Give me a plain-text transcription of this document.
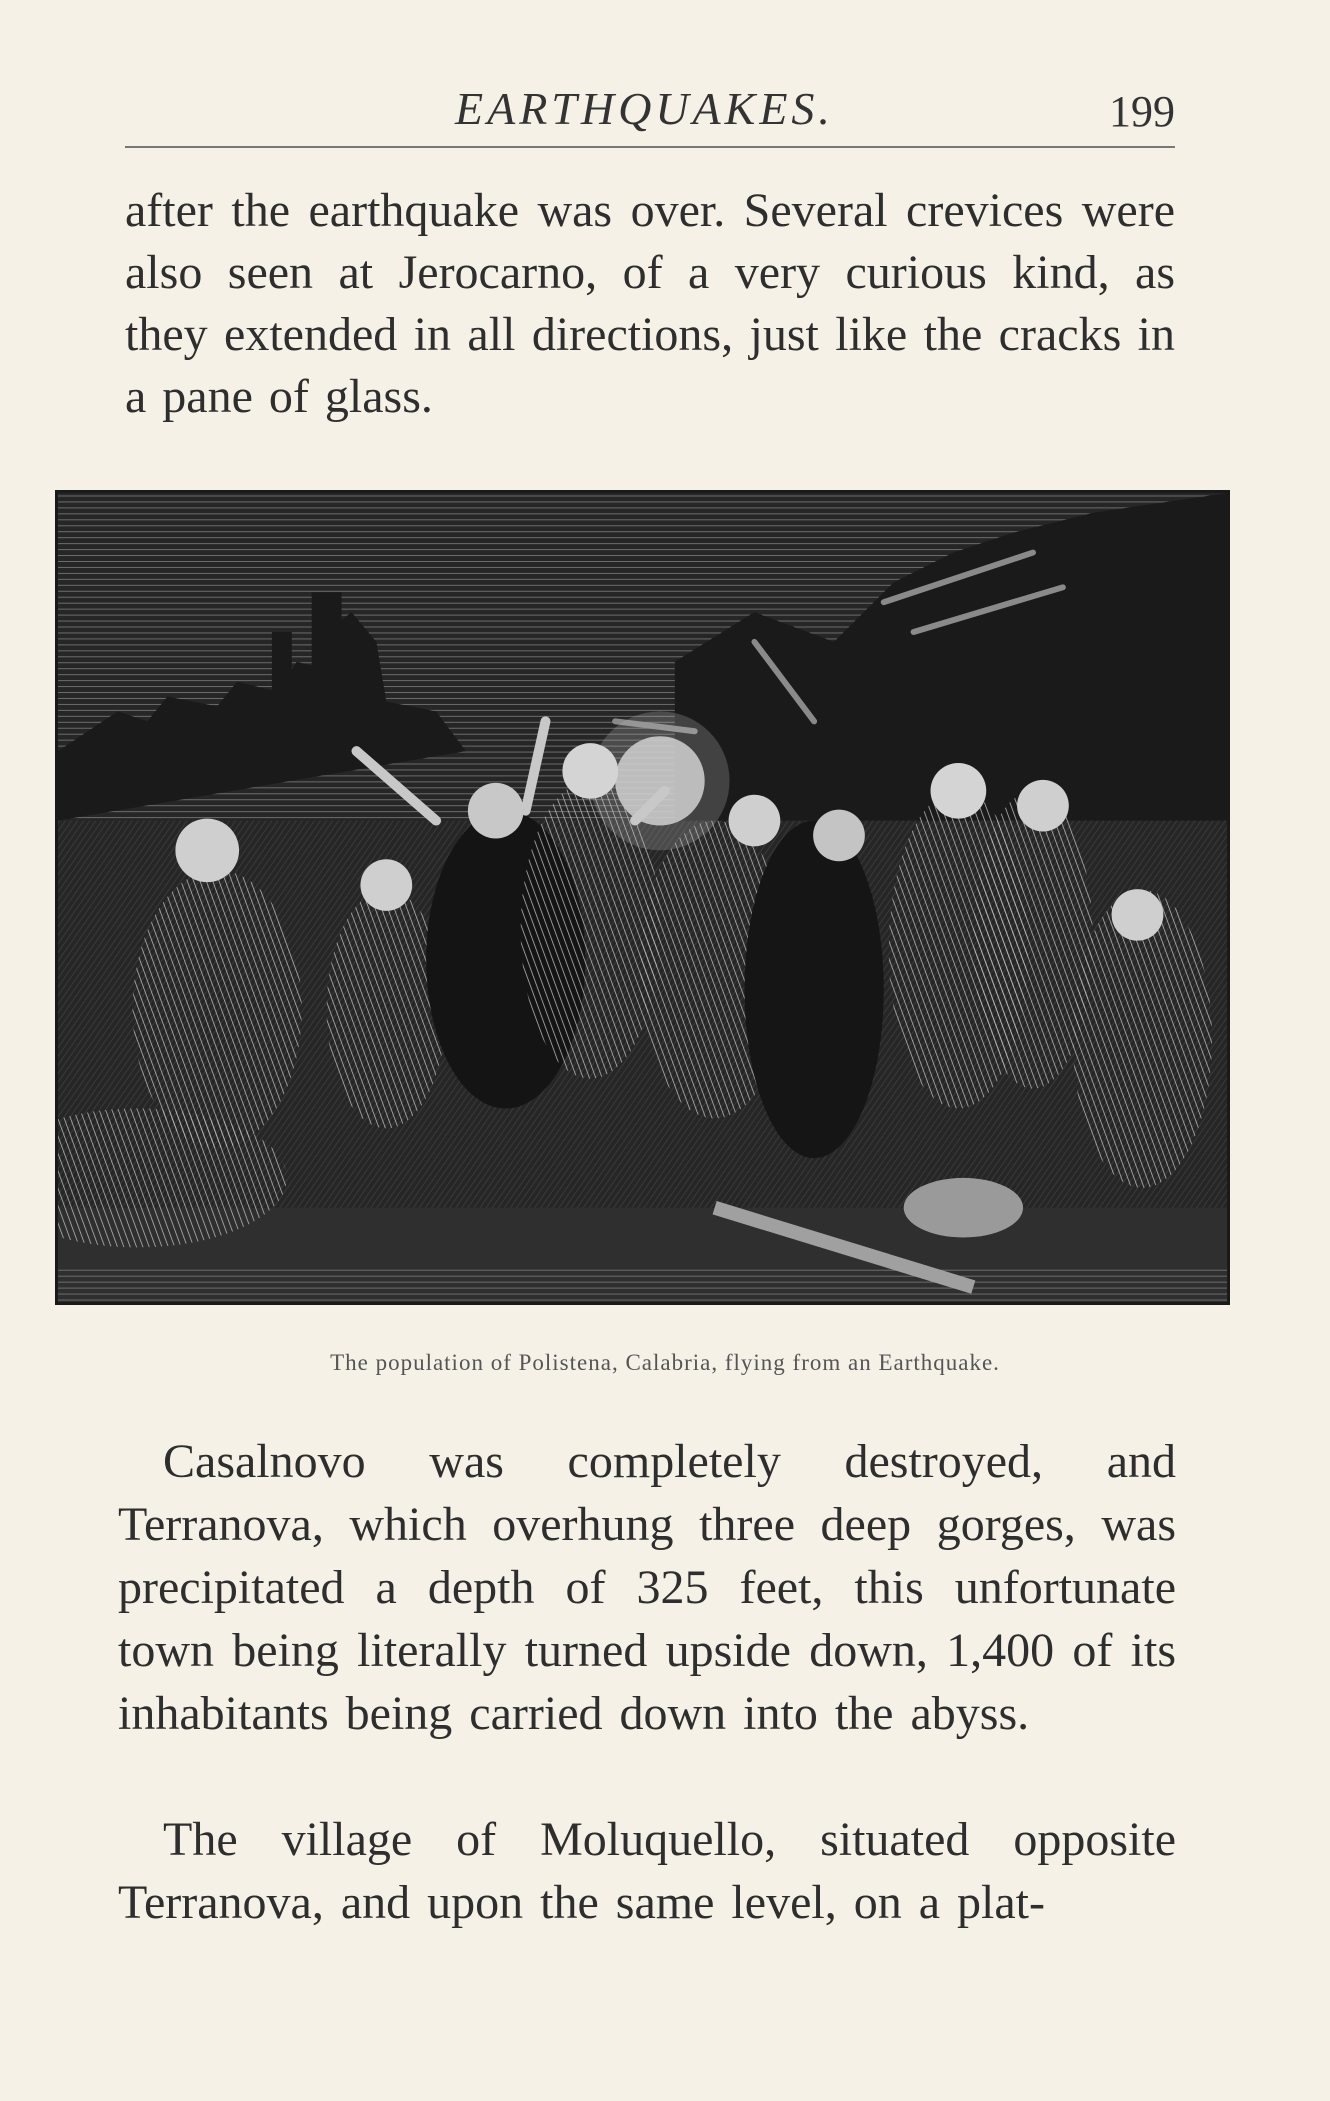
EARTHQUAKES.	199

after the earthquake was over. Several crevices were also seen at Jerocarno, of a very curious kind, as they extended in all directions, just like the cracks in a pane of glass.

The population of Polistena, Calabria, flying from an Earthquake.

Casalnovo was completely destroyed, and Terranova, which overhung three deep gorges, was precipitated a depth of 325 feet, this unfortunate town being literally turned upside down, 1,400 of its inhabitants being carried down into the abyss.

The village of Moluquello, situated opposite Terranova, and upon the same level, on a plat-
